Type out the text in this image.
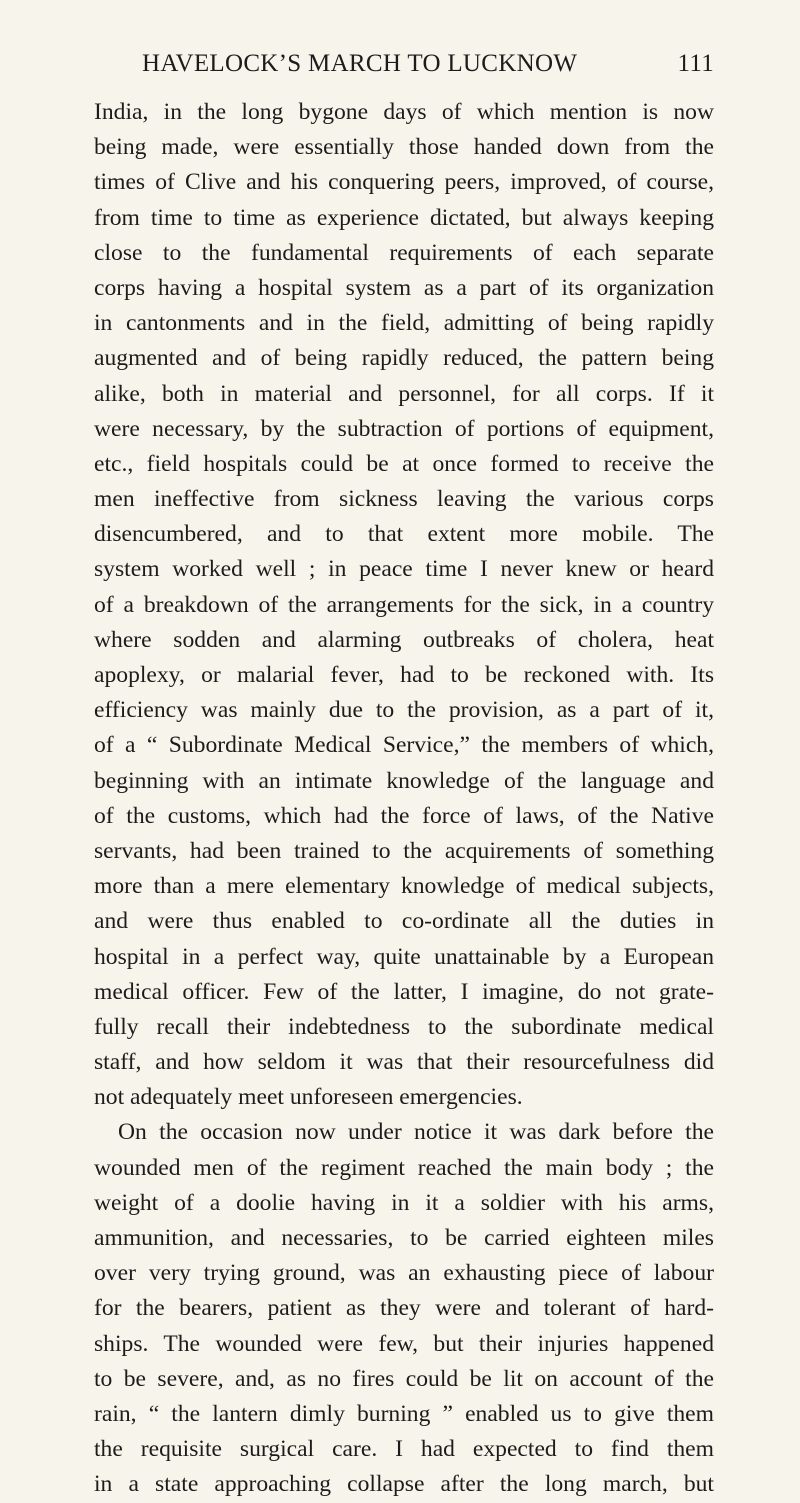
HAVELOCK’S MARCH TO LUCKNOW	111
India, in the long bygone days of which mention is now
being made, were essentially those handed down from the
times of Clive and his conquering peers, improved, of course,
from time to time as experience dictated, but always keeping
close to the fundamental requirements of each separate
corps having a hospital system as a part of its organization
in cantonments and in the field, admitting of being rapidly
augmented and of being rapidly reduced, the pattern being
alike, both in material and personnel, for all corps. If it
were necessary, by the subtraction of portions of equipment,
etc., field hospitals could be at once formed to receive the
men ineffective from sickness leaving the various corps
disencumbered, and to that extent more mobile. The
system worked well ; in peace time I never knew or heard
of a breakdown of the arrangements for the sick, in a country
where sodden and alarming outbreaks of cholera, heat
apoplexy, or malarial fever, had to be reckoned with. Its
efficiency was mainly due to the provision, as a part of it,
of a “ Subordinate Medical Service,” the members of which,
beginning with an intimate knowledge of the language and
of the customs, which had the force of laws, of the Native
servants, had been trained to the acquirements of something
more than a mere elementary knowledge of medical subjects,
and were thus enabled to co-ordinate all the duties in
hospital in a perfect way, quite unattainable by a European
medical officer. Few of the latter, I imagine, do not grate-
fully recall their indebtedness to the subordinate medical
staff, and how seldom it was that their resourcefulness did
not adequately meet unforeseen emergencies.
On the occasion now under notice it was dark before the
wounded men of the regiment reached the main body ; the
weight of a doolie having in it a soldier with his arms,
ammunition, and necessaries, to be carried eighteen miles
over very trying ground, was an exhausting piece of labour
for the bearers, patient as they were and tolerant of hard-
ships. The wounded were few, but their injuries happened
to be severe, and, as no fires could be lit on account of the
rain, “ the lantern dimly burning ” enabled us to give them
the requisite surgical care. I had expected to find them
in a state approaching collapse after the long march, but
